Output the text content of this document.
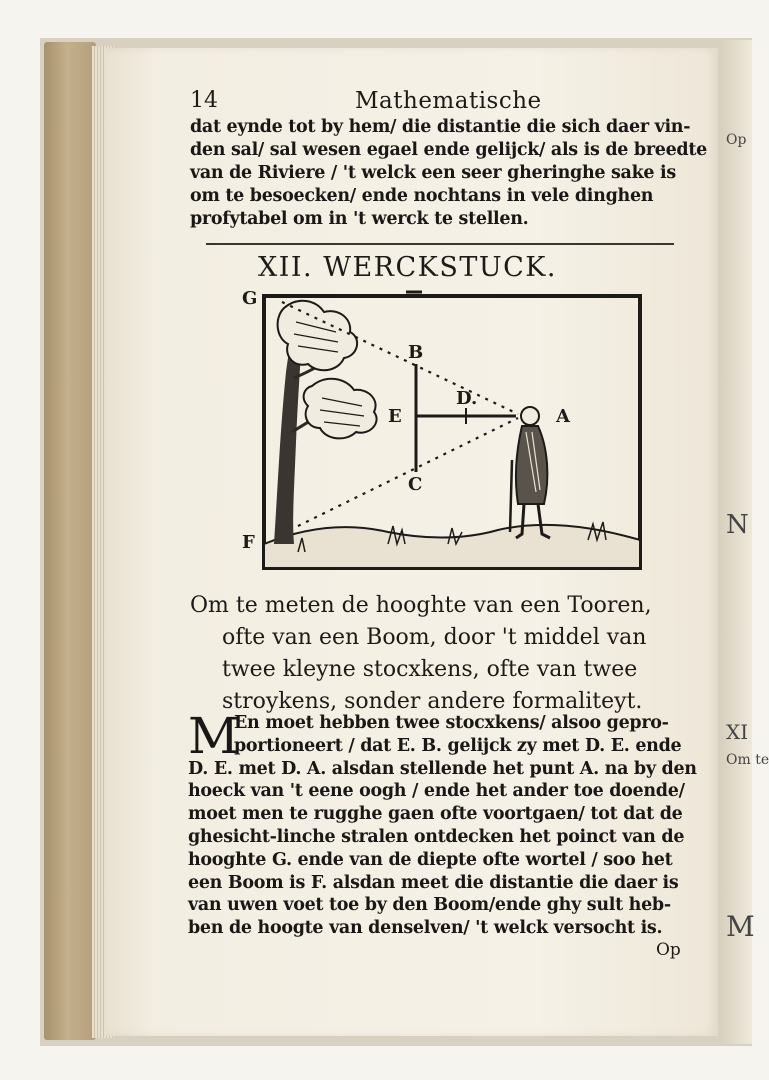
Op
XI
Om te
N
M
14	Mathematische
dat eynde tot by hem/ die distantie die sich daer vin-
den sal/ sal wesen egael ende gelijck/ als is de breedte
van de Riviere / 't welck een seer gheringhe sake is
om te besoecken/ ende nochtans in vele dinghen
profytabel om in 't werck te stellen.
XII. WERCKSTUCK.
G
B
D.
E	A
C
F
Om te meten de hooghte van een Tooren,
ofte van een Boom, door 't middel van
twee kleyne stocxkens, ofte van twee
stroykens, sonder andere formaliteyt.
M
En moet hebben twee stocxkens/ alsoo gepro-
portioneert / dat E. B. gelijck zy met D. E. ende
D. E. met D. A. alsdan stellende het punt A. na by den
hoeck van 't eene oogh / ende het ander toe doende/
moet men te rugghe gaen ofte voortgaen/ tot dat de
ghesicht-linche stralen ontdecken het poinct van de
hooghte G. ende van de diepte ofte wortel / soo het
een Boom is F. alsdan meet die distantie die daer is
van uwen voet toe by den Boom/ende ghy sult heb-
ben de hoogte van denselven/ 't welck versocht is.
Op
